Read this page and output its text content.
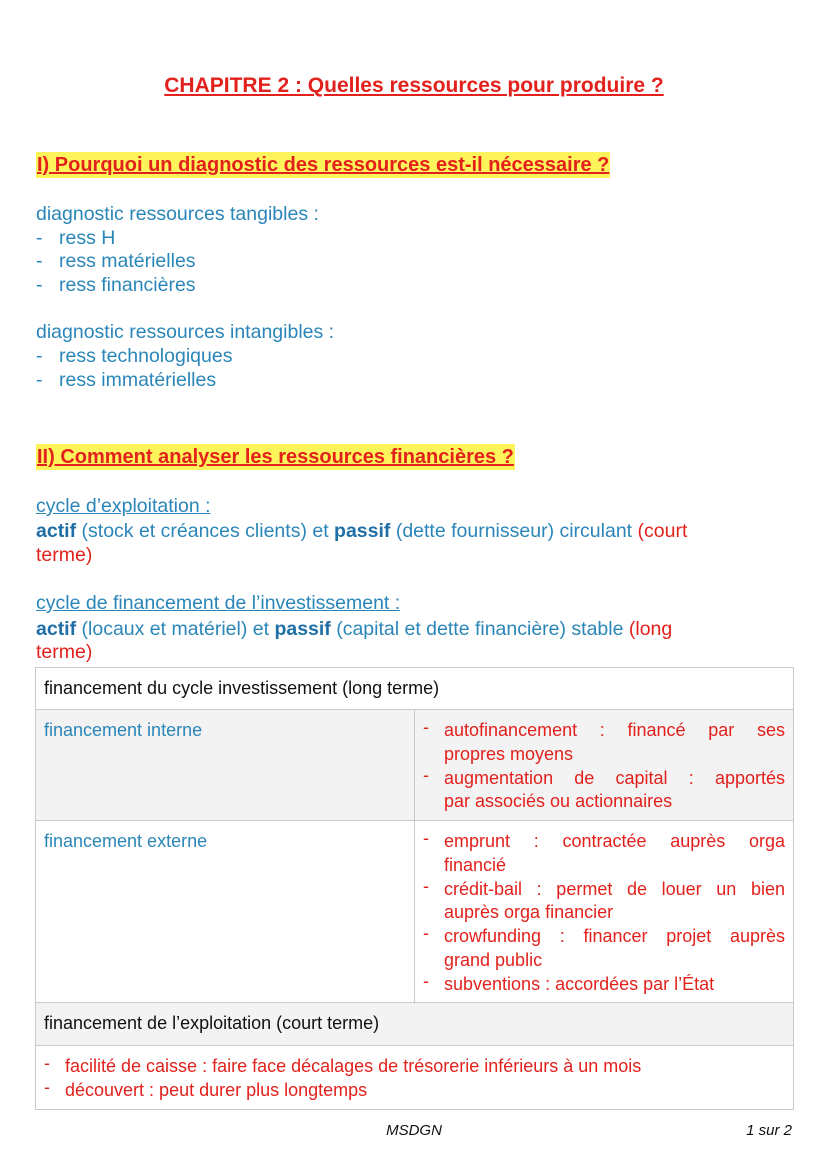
CHAPITRE 2 : Quelles ressources pour produire ?
I) Pourquoi un diagnostic des ressources est-il nécessaire ?
diagnostic ressources tangibles :
- ress H
- ress matérielles
- ress financières
diagnostic ressources intangibles :
- ress technologiques
- ress immatérielles
II) Comment analyser les ressources financières ?
cycle d’exploitation :
actif (stock et créances clients) et passif (dette fournisseur) circulant (court
terme)
cycle de financement de l’investissement :
actif (locaux et matériel) et passif (capital et dette financière) stable (long
terme)
financement du cycle investissement (long terme)
financement interne	- autofinancement : financé par ses
propres moyens
- augmentation de capital : apportés
par associés ou actionnaires
financement externe	- emprunt : contractée auprès orga
financié
- crédit-bail : permet de louer un bien
auprès orga financier
- crowfunding : financer projet auprès
grand public
- subventions : accordées par l’État
financement de l’exploitation (court terme)
- facilité de caisse : faire face décalages de trésorerie inférieurs à un mois
- découvert : peut durer plus longtemps
MSDGN	1 sur 2
